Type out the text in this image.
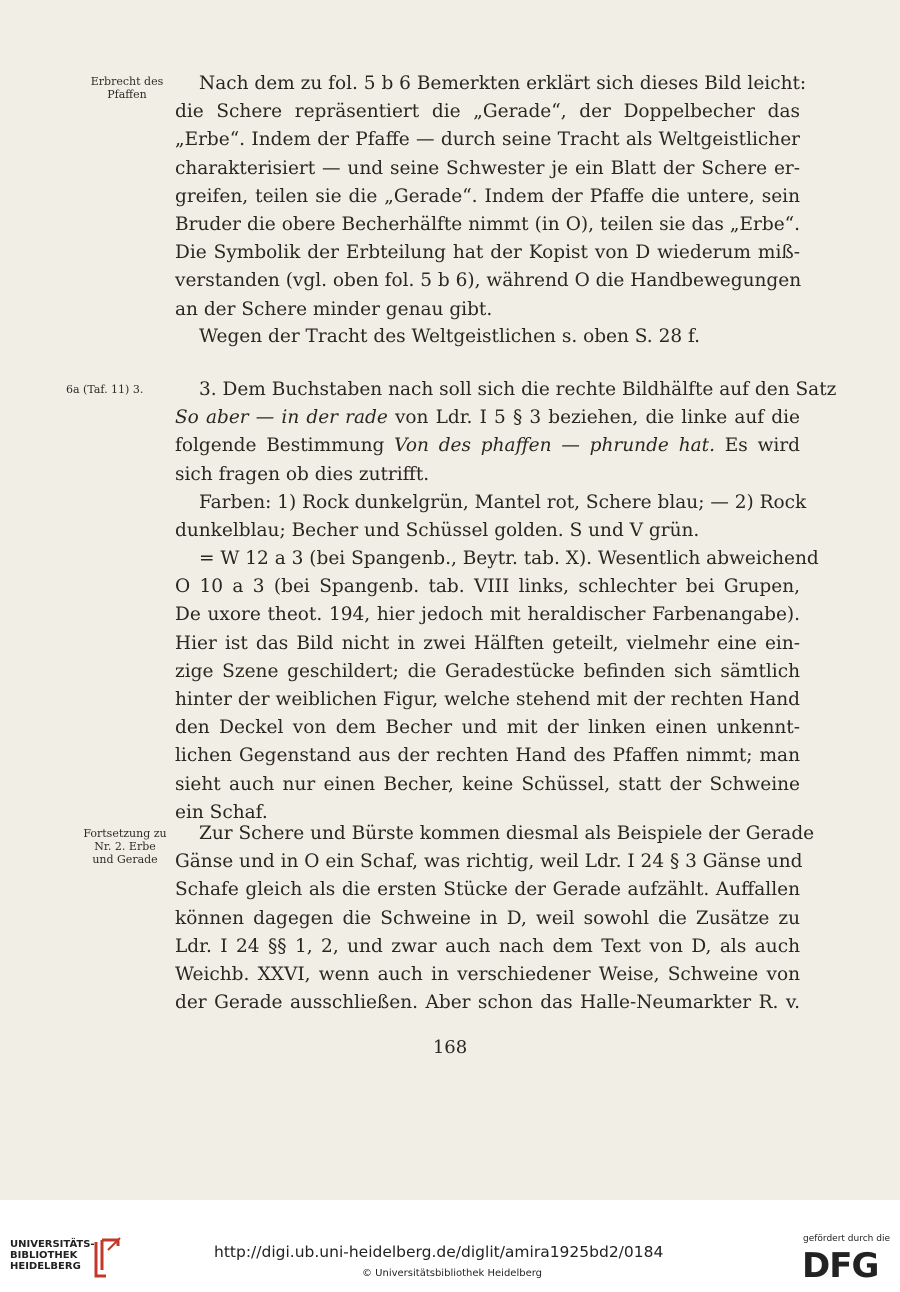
Erbrecht des
Pfaffen
Nach dem zu fol. 5 b 6 Bemerkten erklärt sich dieses Bild leicht:
die Schere repräsentiert die „Gerade“, der Doppelbecher das
„Erbe“. Indem der Pfaffe — durch seine Tracht als Weltgeistlicher
charakterisiert — und seine Schwester je ein Blatt der Schere er-
greifen, teilen sie die „Gerade“. Indem der Pfaffe die untere, sein
Bruder die obere Becherhälfte nimmt (in O), teilen sie das „Erbe“.
Die Symbolik der Erbteilung hat der Kopist von D wiederum miß-
verstanden (vgl. oben fol. 5 b 6), während O die Handbewegungen
an der Schere minder genau gibt.
Wegen der Tracht des Weltgeistlichen s. oben S. 28 f.
6a (Taf. 11) 3.	3. Dem Buchstaben nach soll sich die rechte Bildhälfte auf den Satz
So aber — in der rade von Ldr. I 5 § 3 beziehen, die linke auf die
folgende Bestimmung Von des phaffen — phrunde hat. Es wird
sich fragen ob dies zutrifft.
Farben: 1) Rock dunkelgrün, Mantel rot, Schere blau; — 2) Rock
dunkelblau; Becher und Schüssel golden. S und V grün.
= W 12 a 3 (bei Spangenb., Beytr. tab. X). Wesentlich abweichend
O 10 a 3 (bei Spangenb. tab. VIII links, schlechter bei Grupen,
De uxore theot. 194, hier jedoch mit heraldischer Farbenangabe).
Hier ist das Bild nicht in zwei Hälften geteilt, vielmehr eine ein-
zige Szene geschildert; die Geradestücke befinden sich sämtlich
hinter der weiblichen Figur, welche stehend mit der rechten Hand
den Deckel von dem Becher und mit der linken einen unkennt-
lichen Gegenstand aus der rechten Hand des Pfaffen nimmt; man
sieht auch nur einen Becher, keine Schüssel, statt der Schweine
ein Schaf.
Fortsetzung zu
Nr. 2. Erbe
und Gerade
Zur Schere und Bürste kommen diesmal als Beispiele der Gerade
Gänse und in O ein Schaf, was richtig, weil Ldr. I 24 § 3 Gänse und
Schafe gleich als die ersten Stücke der Gerade aufzählt. Auffallen
können dagegen die Schweine in D, weil sowohl die Zusätze zu
Ldr. I 24 §§ 1, 2, und zwar auch nach dem Text von D, als auch
Weichb. XXVI, wenn auch in verschiedener Weise, Schweine von
der Gerade ausschließen. Aber schon das Halle-Neumarkter R. v.
168
UNIVERSITÄTS-
BIBLIOTHEK
HEIDELBERG
http://digi.ub.uni-heidelberg.de/diglit/amira1925bd2/0184
© Universitätsbibliothek Heidelberg
gefördert durch die
DFG
